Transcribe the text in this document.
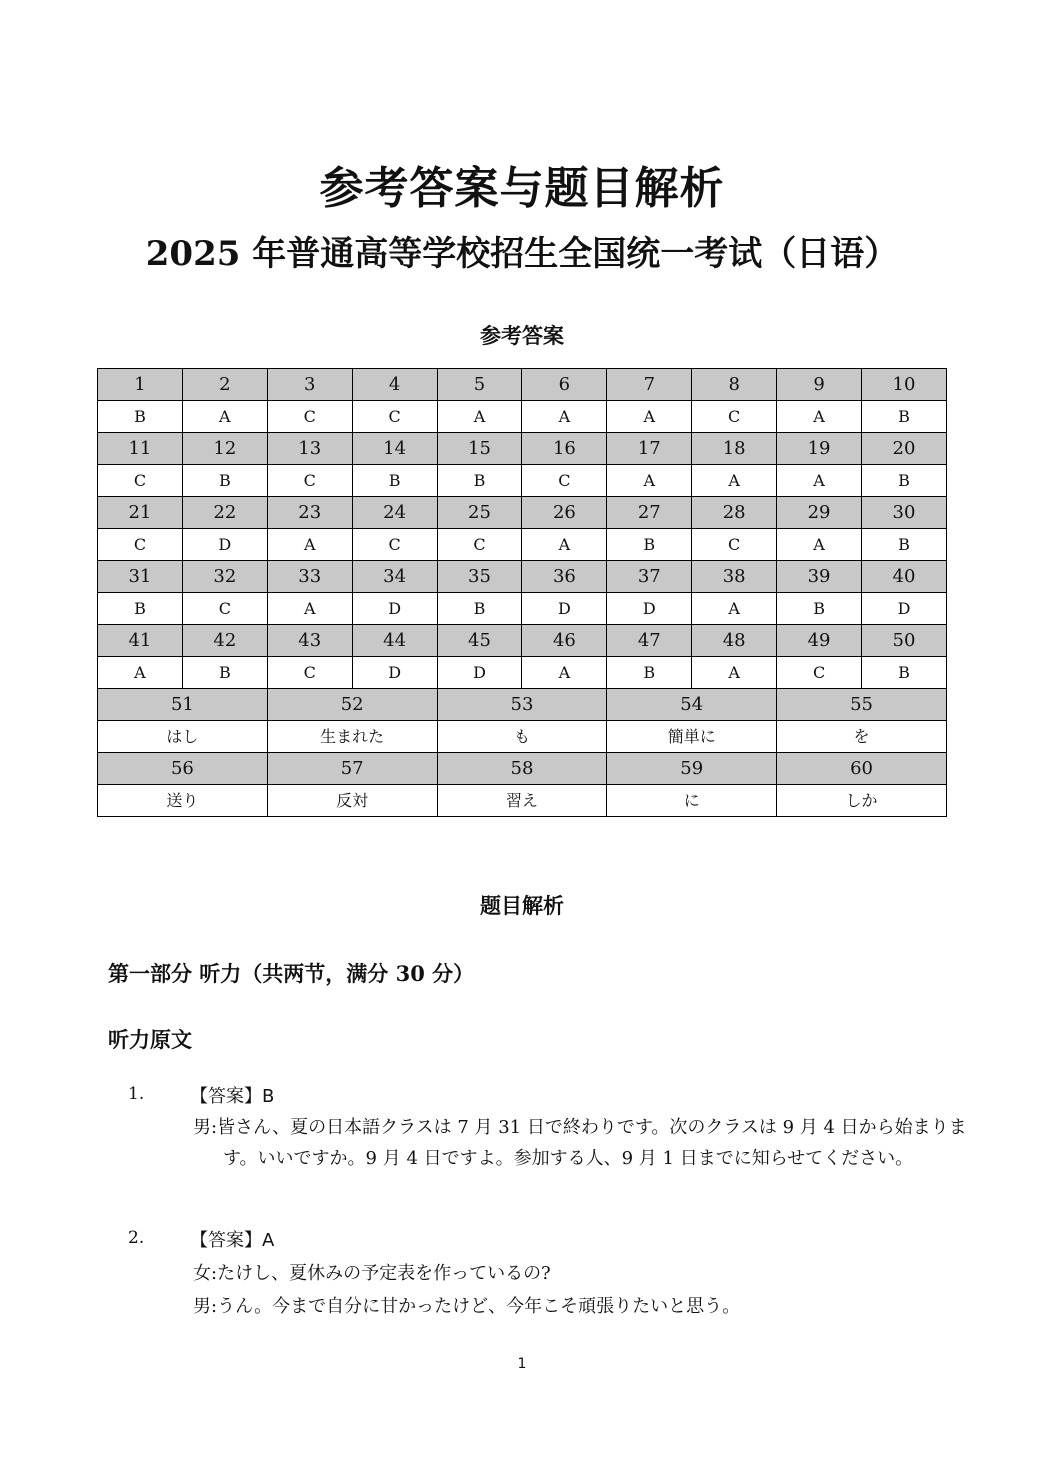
参考答案与题目解析
2025 年普通高等学校招生全国统一考试（日语）
参考答案
1	2	3	4	5	6	7	8	9	10
B	A	C	C	A	A	A	C	A	B
11	12	13	14	15	16	17	18	19	20
C	B	C	B	B	C	A	A	A	B
21	22	23	24	25	26	27	28	29	30
C	D	A	C	C	A	B	C	A	B
31	32	33	34	35	36	37	38	39	40
B	C	A	D	B	D	D	A	B	D
41	42	43	44	45	46	47	48	49	50
A	B	C	D	D	A	B	A	C	B
51		52		53		54		55	
はし		生まれた		も		簡単に		を	
56		57		58		59		60	
送り		反対		習え		に		しか	
题目解析
第一部分 听力（共两节，满分 30 分）
听力原文
1.	【答案】B
男:皆さん、夏の日本語クラスは 7 月 31 日で終わりです。次のクラスは 9 月 4 日から始まります。いいですか。9 月 4 日ですよ。参加する人、9 月 1 日までに知らせてください。
2.	【答案】A
女:たけし、夏休みの予定表を作っているの?
男:うん。今まで自分に甘かったけど、今年こそ頑張りたいと思う。
1
